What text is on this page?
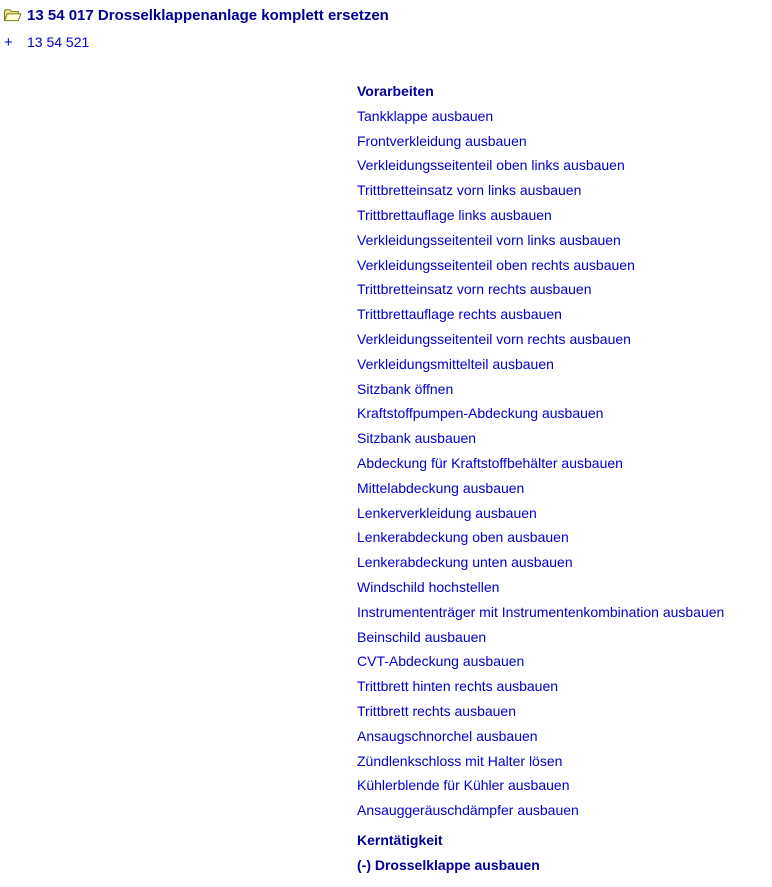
13 54 017 Drosselklappenanlage komplett ersetzen
+ 13 54 521
Vorarbeiten
Tankklappe ausbauen
Frontverkleidung ausbauen
Verkleidungsseitenteil oben links ausbauen
Trittbretteinsatz vorn links ausbauen
Trittbrettauflage links ausbauen
Verkleidungsseitenteil vorn links ausbauen
Verkleidungsseitenteil oben rechts ausbauen
Trittbretteinsatz vorn rechts ausbauen
Trittbrettauflage rechts ausbauen
Verkleidungsseitenteil vorn rechts ausbauen
Verkleidungsmittelteil ausbauen
Sitzbank öffnen
Kraftstoffpumpen-Abdeckung ausbauen
Sitzbank ausbauen
Abdeckung für Kraftstoffbehälter ausbauen
Mittelabdeckung ausbauen
Lenkerverkleidung ausbauen
Lenkerabdeckung oben ausbauen
Lenkerabdeckung unten ausbauen
Windschild hochstellen
Instrumententräger mit Instrumentenkombination ausbauen
Beinschild ausbauen
CVT-Abdeckung ausbauen
Trittbrett hinten rechts ausbauen
Trittbrett rechts ausbauen
Ansaugschnorchel ausbauen
Zündlenkschloss mit Halter lösen
Kühlerblende für Kühler ausbauen
Ansauggeräuschdämpfer ausbauen
Kerntätigkeit
(-) Drosselklappe ausbauen
